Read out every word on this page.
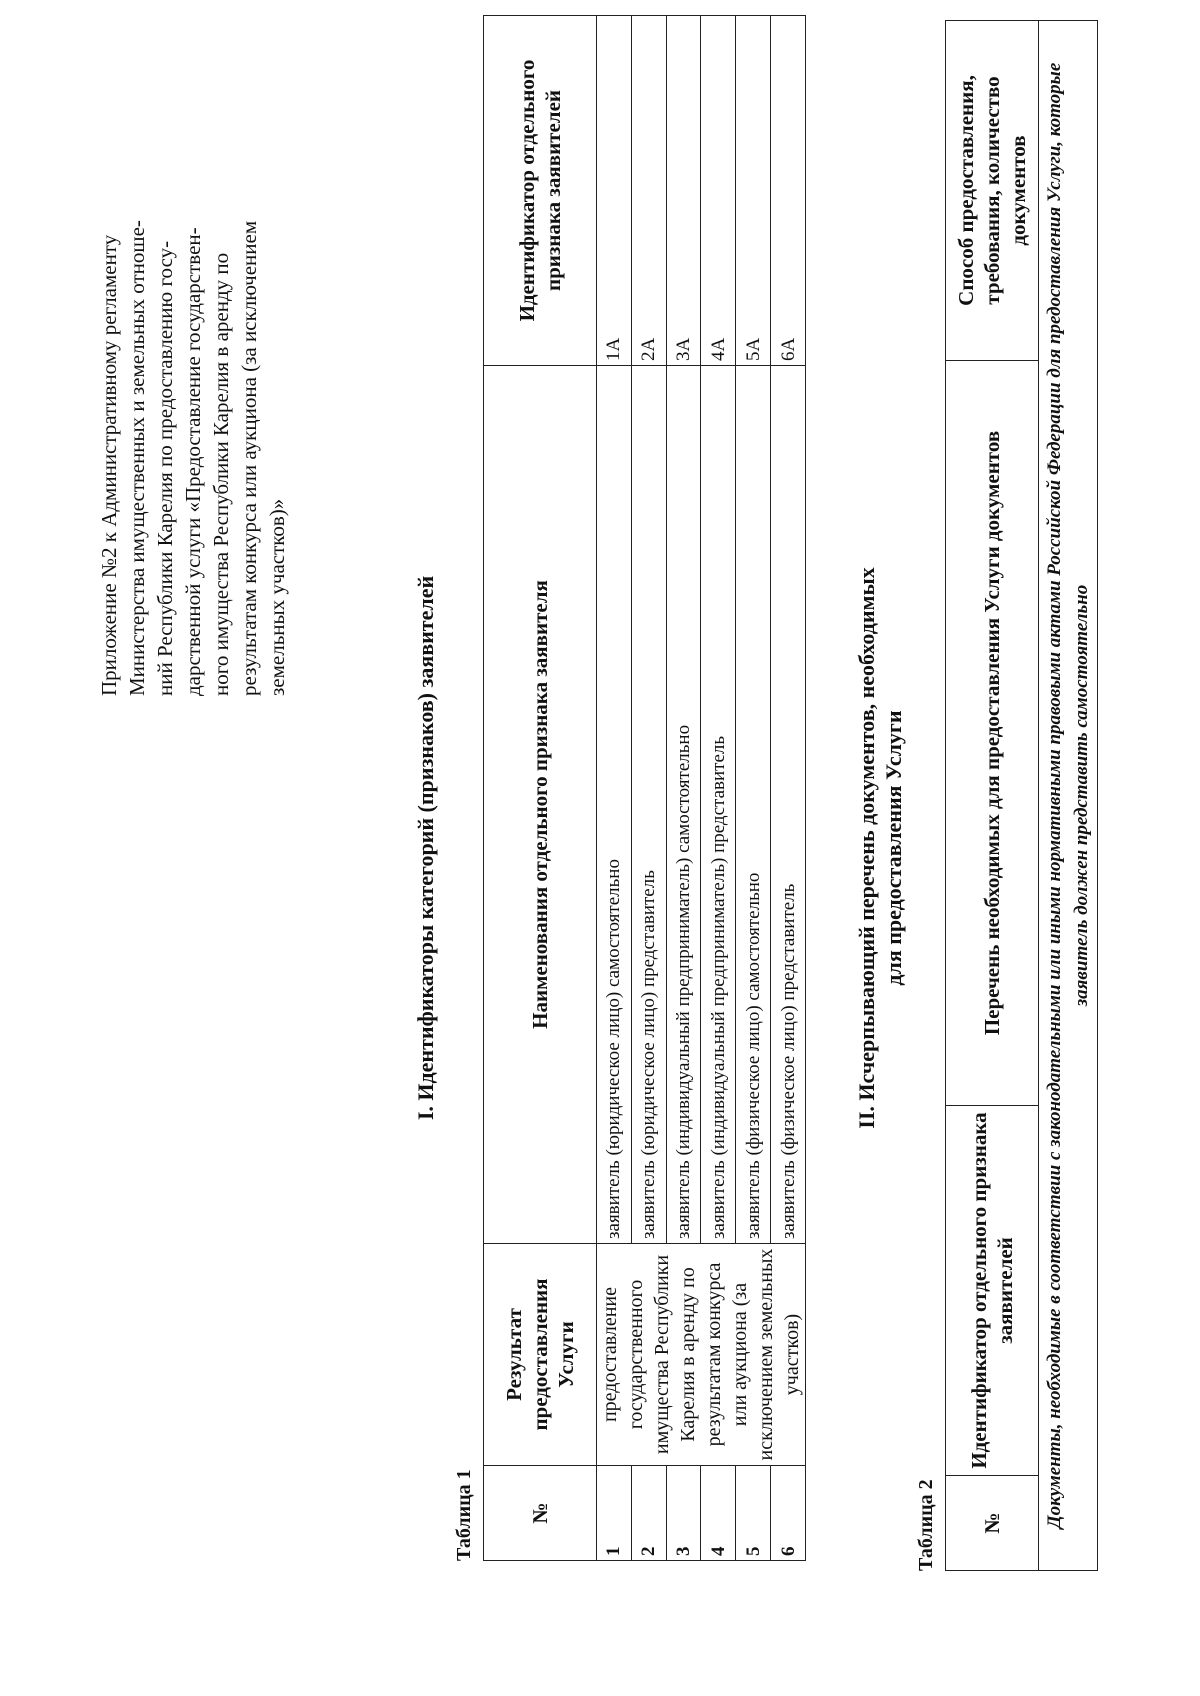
Приложение №2 к Административному регламенту Министерства имущественных и земельных отноше- ний Республики Карелия по предоставлению госу- дарственной услуги «Предоставление государствен- ного имущества Республики Карелия в аренду по результатам конкурса или аукциона (за исключением земельных участков)»	I. Идентификаторы категорий (признаков) заявителей
Таблица 1	№	Результат предоставления Услуги	Наименования отдельного признака заявителя	Идентификатор отдельного признака заявителей
1	предоставление государственного имущества Республики Карелия в аренду по результатам конкурса или аукциона (за исключением земельных участков)	заявитель (юридическое лицо) самостоятельно	1А
2		заявитель (юридическое лицо) представитель	2А
3		заявитель (индивидуальный предприниматель) самостоятельно	3А
4		заявитель (индивидуальный предприниматель) представитель	4А
5		заявитель (физическое лицо) самостоятельно	5А
6		заявитель (физическое лицо) представитель	6А
II. Исчерпывающий перечень документов, необходимых для предоставления Услуги
Таблица 2 №	Идентификатор отдельного признака заявителей	Перечень необходимых для предоставления Услуги документов	Способ предоставления, требования, количество документов
Документы, необходимые в соответствии с законодательными или иными нормативными правовыми актами Российской Федерации для предоставления Услуги, которые заявитель должен представить самостоятельно
